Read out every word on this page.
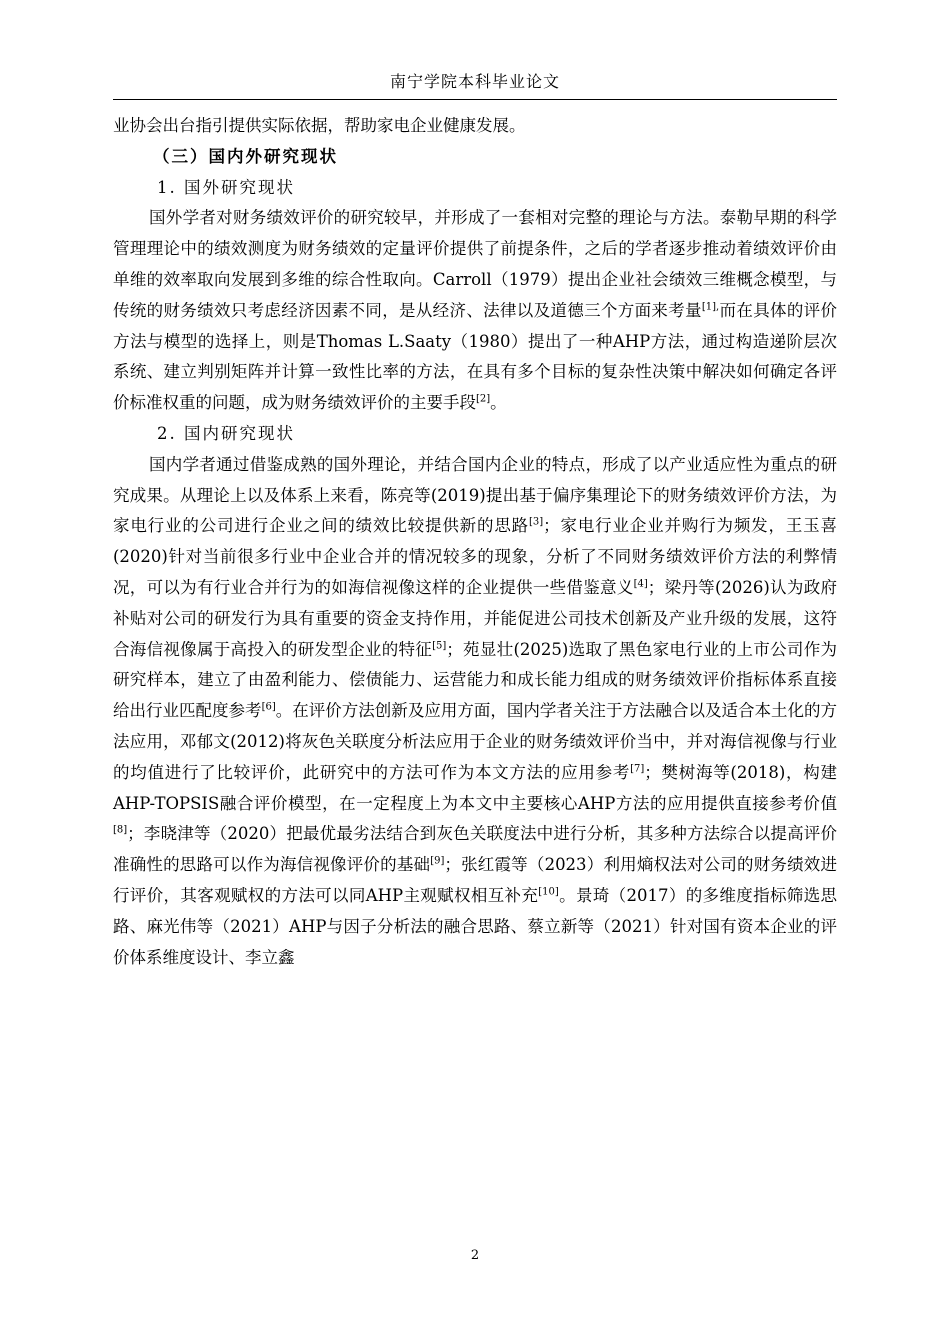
南宁学院本科毕业论文

业协会出台指引提供实际依据，帮助家电企业健康发展。

（三）国内外研究现状

1. 国外研究现状

国外学者对财务绩效评价的研究较早，并形成了一套相对完整的理论与方法。泰勒早期的科学管理理论中的绩效测度为财务绩效的定量评价提供了前提条件，之后的学者逐步推动着绩效评价由单维的效率取向发展到多维的综合性取向。Carroll（1979）提出企业社会绩效三维概念模型，与传统的财务绩效只考虑经济因素不同，是从经济、法律以及道德三个方面来考量$^{[1],}$而在具体的评价方法与模型的选择上，则是Thomas L.Saaty（1980）提出了一种AHP方法，通过构造递阶层次系统、建立判别矩阵并计算一致性比率的方法，在具有多个目标的复杂性决策中解决如何确定各评价标准权重的问题，成为财务绩效评价的主要手段[2]。

2. 国内研究现状

国内学者通过借鉴成熟的国外理论，并结合国内企业的特点，形成了以产业适应性为重点的研究成果。从理论上以及体系上来看，陈亮等(2019)提出基于偏序集理论下的财务绩效评价方法，为家电行业的公司进行企业之间的绩效比较提供新的思路[3]；家电行业企业并购行为频发，王玉喜(2020)针对当前很多行业中企业合并的情况较多的现象，分析了不同财务绩效评价方法的利弊情况，可以为有行业合并行为的如海信视像这样的企业提供一些借鉴意义[4]；梁丹等(2026)认为政府补贴对公司的研发行为具有重要的资金支持作用，并能促进公司技术创新及产业升级的发展，这符合海信视像属于高投入的研发型企业的特征[5]；苑显壮(2025)选取了黑色家电行业的上市公司作为研究样本，建立了由盈利能力、偿债能力、运营能力和成长能力组成的财务绩效评价指标体系直接给出行业匹配度参考[6]。在评价方法创新及应用方面，国内学者关注于方法融合以及适合本土化的方法应用，邓郁文(2012)将灰色关联度分析法应用于企业的财务绩效评价当中，并对海信视像与行业的均值进行了比较评价，此研究中的方法可作为本文方法的应用参考[7]；樊树海等(2018)，构建AHP-TOPSIS融合评价模型，在一定程度上为本文中主要核心AHP方法的应用提供直接参考价值[8]；李晓津等（2020）把最优最劣法结合到灰色关联度法中进行分析，其多种方法综合以提高评价准确性的思路可以作为海信视像评价的基础[9]；张红霞等（2023）利用熵权法对公司的财务绩效进行评价，其客观赋权的方法可以同AHP主观赋权相互补充[10]。景琦（2017）的多维度指标筛选思路、麻光伟等（2021）AHP与因子分析法的融合思路、蔡立新等（2021）针对国有资本企业的评价体系维度设计、李立鑫

2
